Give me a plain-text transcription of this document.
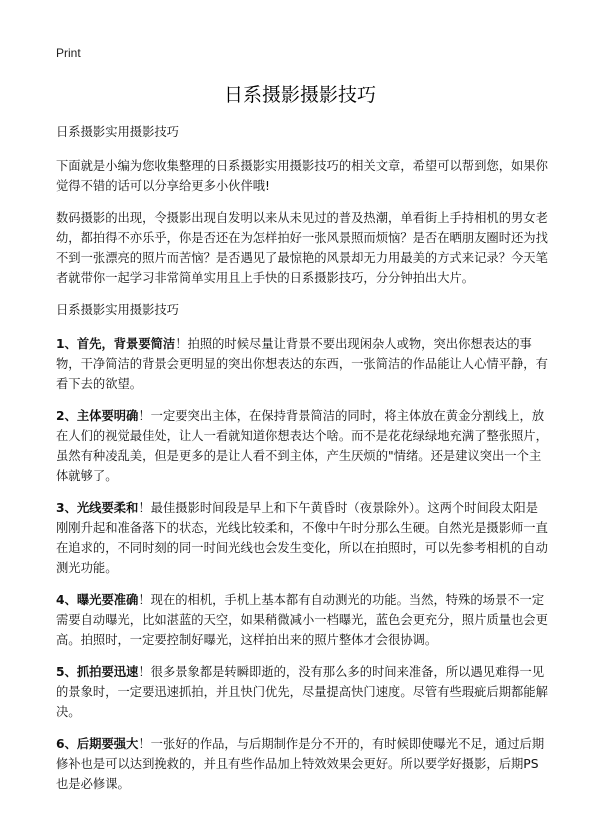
Print
日系摄影摄影技巧

日系摄影实用摄影技巧

下面就是小编为您收集整理的日系摄影实用摄影技巧的相关文章，希望可以帮到您，如果你觉得不错的话可以分享给更多小伙伴哦!

数码摄影的出现，令摄影出现自发明以来从未见过的普及热潮，单看街上手持相机的男女老幼，都拍得不亦乐乎，你是否还在为怎样拍好一张风景照而烦恼？是否在晒朋友圈时还为找不到一张漂亮的照片而苦恼？是否遇见了最惊艳的风景却无力用最美的方式来记录？今天笔者就带你一起学习非常简单实用且上手快的日系摄影技巧，分分钟拍出大片。

日系摄影实用摄影技巧

1、首先，背景要简洁！拍照的时候尽量让背景不要出现闲杂人或物，突出你想表达的事物，干净简洁的背景会更明显的突出你想表达的东西，一张简洁的作品能让人心情平静，有看下去的欲望。

2、主体要明确！一定要突出主体，在保持背景简洁的同时，将主体放在黄金分割线上，放在人们的视觉最佳处，让人一看就知道你想表达个啥。而不是花花绿绿地充满了整张照片，虽然有种凌乱美，但是更多的是让人看不到主体，产生厌烦的"情绪。还是建议突出一个主体就够了。

3、光线要柔和！最佳摄影时间段是早上和下午黄昏时（夜景除外）。这两个时间段太阳是刚刚升起和准备落下的状态，光线比较柔和，不像中午时分那么生硬。自然光是摄影师一直在追求的，不同时刻的同一时间光线也会发生变化，所以在拍照时，可以先参考相机的自动测光功能。

4、曝光要准确！现在的相机，手机上基本都有自动测光的功能。当然，特殊的场景不一定需要自动曝光，比如湛蓝的天空，如果稍微减小一档曝光，蓝色会更充分，照片质量也会更高。拍照时，一定要控制好曝光，这样拍出来的照片整体才会很协调。

5、抓拍要迅速！很多景象都是转瞬即逝的，没有那么多的时间来准备，所以遇见难得一见的景象时，一定要迅速抓拍，并且快门优先，尽量提高快门速度。尽管有些瑕疵后期都能解决。

6、后期要强大！一张好的作品，与后期制作是分不开的，有时候即使曝光不足，通过后期修补也是可以达到挽救的，并且有些作品加上特效效果会更好。所以要学好摄影，后期PS也是必修课。
